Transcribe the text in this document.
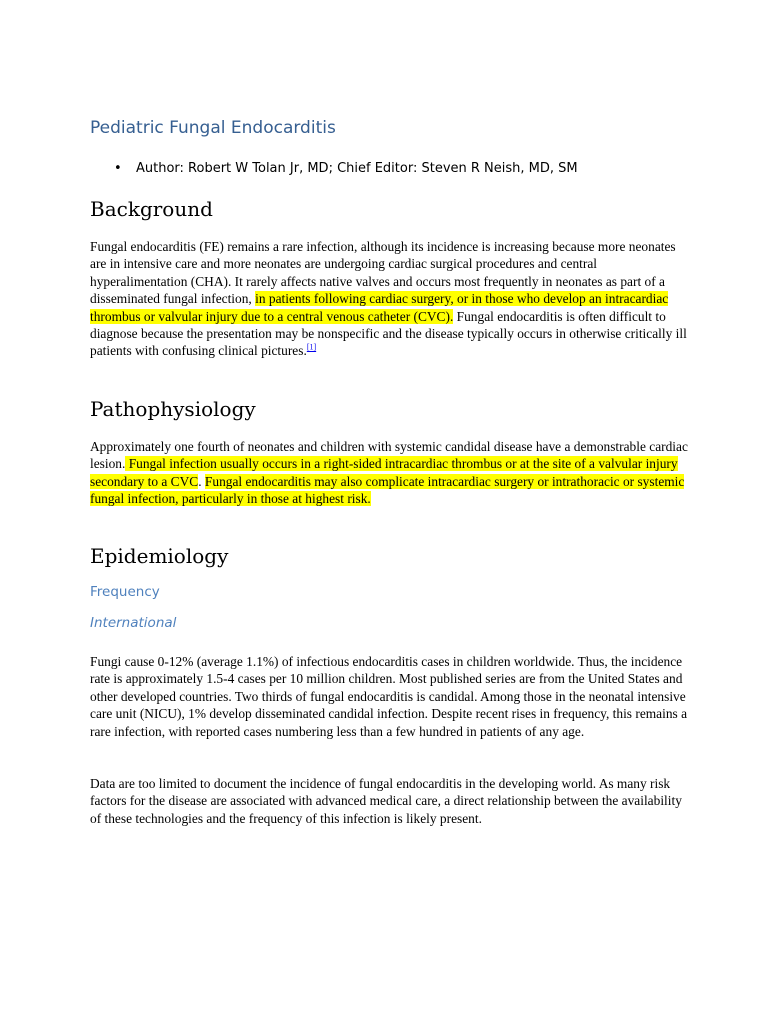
Pediatric Fungal Endocarditis
• Author: Robert W Tolan Jr, MD; Chief Editor: Steven R Neish, MD, SM
Background

Fungal endocarditis (FE) remains a rare infection, although its incidence is increasing because more neonates are in intensive care and more neonates are undergoing cardiac surgical procedures and central hyperalimentation (CHA). It rarely affects native valves and occurs most frequently in neonates as part of a disseminated fungal infection, in patients following cardiac surgery, or in those who develop an intracardiac thrombus or valvular injury due to a central venous catheter (CVC). Fungal endocarditis is often difficult to diagnose because the presentation may be nonspecific and the disease typically occurs in otherwise critically ill patients with confusing clinical pictures.[1]

Pathophysiology

Approximately one fourth of neonates and children with systemic candidal disease have a demonstrable cardiac lesion. Fungal infection usually occurs in a right-sided intracardiac thrombus or at the site of a valvular injury secondary to a CVC. Fungal endocarditis may also complicate intracardiac surgery or intrathoracic or systemic fungal infection, particularly in those at highest risk.

Epidemiology
Frequency
International

Fungi cause 0-12% (average 1.1%) of infectious endocarditis cases in children worldwide. Thus, the incidence rate is approximately 1.5-4 cases per 10 million children. Most published series are from the United States and other developed countries. Two thirds of fungal endocarditis is candidal. Among those in the neonatal intensive care unit (NICU), 1% develop disseminated candidal infection. Despite recent rises in frequency, this remains a rare infection, with reported cases numbering less than a few hundred in patients of any age.

Data are too limited to document the incidence of fungal endocarditis in the developing world. As many risk factors for the disease are associated with advanced medical care, a direct relationship between the availability of these technologies and the frequency of this infection is likely present.
